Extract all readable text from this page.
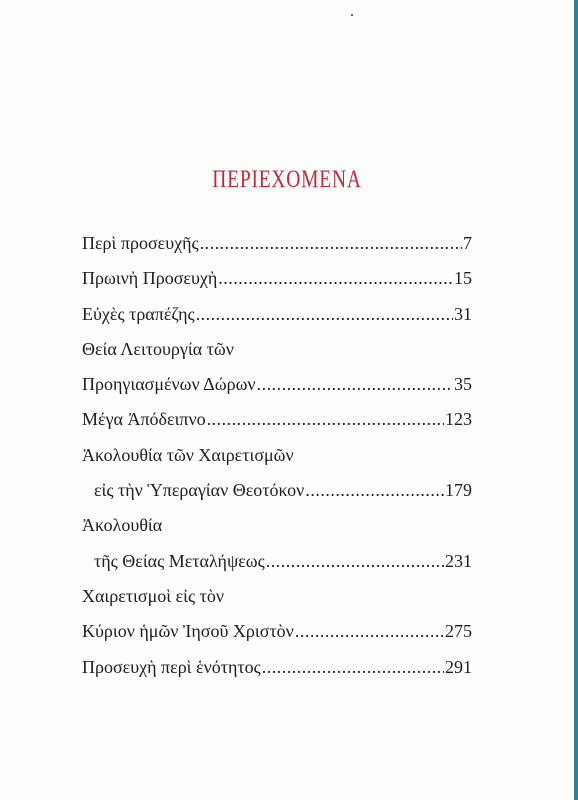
ΠΕΡΙΕΧΟΜΕΝΑ
Περὶ προσευχῆς .....	7
Πρωινὴ Προσευχὴ .....	15
Εὐχὲς τραπέζης .....	31
Θεία Λειτουργία τῶν
Προηγιασμένων Δώρων .....	35
Μέγα Ἀπόδειπνο .....	123
Ἀκολουθία τῶν Χαιρετισμῶν
εἰς τὴν Ὑπεραγίαν Θεοτόκον .....	179
Ἀκολουθία
τῆς Θείας Μεταλήψεως .....	231
Χαιρετισμοὶ εἰς τὸν
Κύριον ἡμῶν Ἰησοῦ Χριστὸν .....	275
Προσευχὴ περὶ ἑνότητος .....	291
